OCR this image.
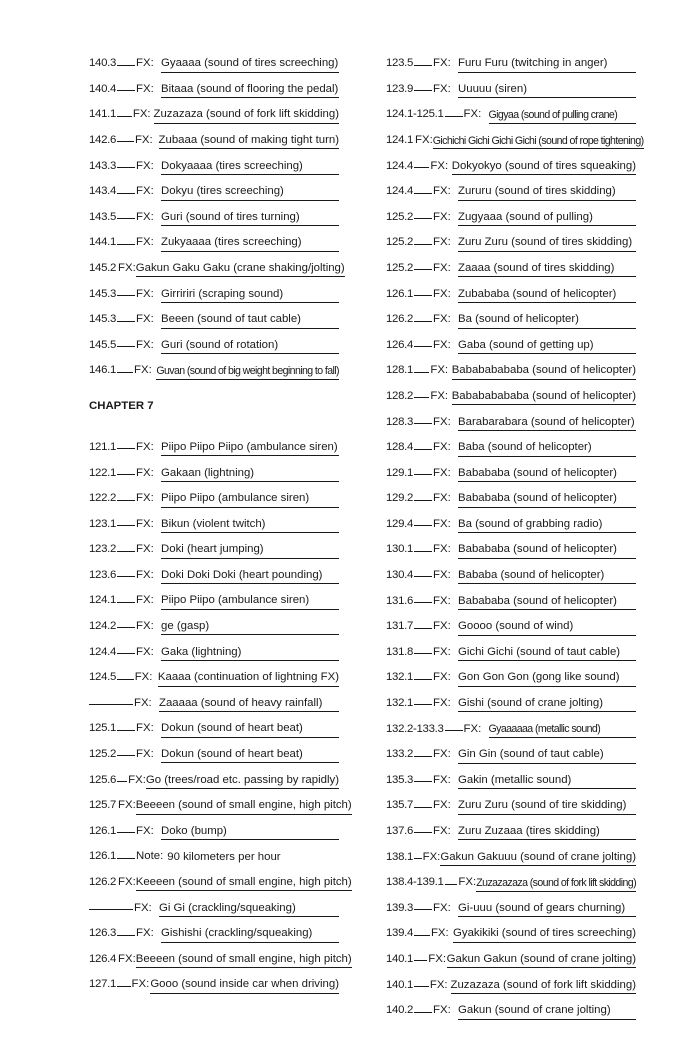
140.3 FX: Gyaaaa (sound of tires screeching)
140.4 FX: Bitaaa (sound of flooring the pedal)
141.1 FX: Zuzazaza (sound of fork lift skidding)
142.6 FX: Zubaaa (sound of making tight turn)
143.3 FX: Dokyaaaa (tires screeching)
143.4 FX: Dokyu (tires screeching)
143.5 FX: Guri (sound of tires turning)
144.1 FX: Zukyaaaa (tires screeching)
145.2 FX: Gakun Gaku Gaku (crane shaking/jolting)
145.3 FX: Girririri (scraping sound)
145.3 FX: Beeen (sound of taut cable)
145.5 FX: Guri (sound of rotation)
146.1 FX: Guvan (sound of big weight beginning to fall)
CHAPTER 7
121.1 FX: Piipo Piipo Piipo (ambulance siren)
122.1 FX: Gakaan (lightning)
122.2 FX: Piipo Piipo (ambulance siren)
123.1 FX: Bikun (violent twitch)
123.2 FX: Doki (heart jumping)
123.6 FX: Doki Doki Doki (heart pounding)
124.1 FX: Piipo Piipo (ambulance siren)
124.2 FX: ge (gasp)
124.4 FX: Gaka (lightning)
124.5 FX: Kaaaa (continuation of lightning FX)
FX: Zaaaaa (sound of heavy rainfall)
125.1 FX: Dokun (sound of heart beat)
125.2 FX: Dokun (sound of heart beat)
125.6 FX: Go (trees/road etc. passing by rapidly)
125.7 FX: Beeeen (sound of small engine, high pitch)
126.1 FX: Doko (bump)
126.1 Note: 90 kilometers per hour
126.2 FX: Keeeen (sound of small engine, high pitch)
FX: Gi Gi (crackling/squeaking)
126.3 FX: Gishishi (crackling/squeaking)
126.4 FX: Beeeen (sound of small engine, high pitch)
127.1 FX: Gooo (sound inside car when driving)
123.5 FX: Furu Furu (twitching in anger)
123.9 FX: Uuuuu (siren)
124.1-125.1 FX: Gigyaa (sound of pulling crane)
124.1 FX: Gichichi Gichi Gichi Gichi (sound of rope tightening)
124.4 FX: Dokyokyo (sound of tires squeaking)
124.4 FX: Zururu (sound of tires skidding)
125.2 FX: Zugyaaa (sound of pulling)
125.2 FX: Zuru Zuru (sound of tires skidding)
125.2 FX: Zaaaa (sound of tires skidding)
126.1 FX: Zubababa (sound of helicopter)
126.2 FX: Ba (sound of helicopter)
126.4 FX: Gaba (sound of getting up)
128.1 FX: Babababababa (sound of helicopter)
128.2 FX: Babababababa (sound of helicopter)
128.3 FX: Barabarabara (sound of helicopter)
128.4 FX: Baba (sound of helicopter)
129.1 FX: Babababa (sound of helicopter)
129.2 FX: Babababa (sound of helicopter)
129.4 FX: Ba (sound of grabbing radio)
130.1 FX: Babababa (sound of helicopter)
130.4 FX: Bababa (sound of helicopter)
131.6 FX: Babababa (sound of helicopter)
131.7 FX: Goooo (sound of wind)
131.8 FX: Gichi Gichi (sound of taut cable)
132.1 FX: Gon Gon Gon (gong like sound)
132.1 FX: Gishi (sound of crane jolting)
132.2-133.3 FX: Gyaaaaaa (metallic sound)
133.2 FX: Gin Gin (sound of taut cable)
135.3 FX: Gakin (metallic sound)
135.7 FX: Zuru Zuru (sound of tire skidding)
137.6 FX: Zuru Zuzaaa (tires skidding)
138.1 FX: Gakun Gakuuu (sound of crane jolting)
138.4-139.1 FX: Zuzazazaza (sound of fork lift skidding)
139.3 FX: Gi-uuu (sound of gears churning)
139.4 FX: Gyakikiki (sound of tires screeching)
140.1 FX: Gakun Gakun (sound of crane jolting)
140.1 FX: Zuzazaza (sound of fork lift skidding)
140.2 FX: Gakun (sound of crane jolting)
